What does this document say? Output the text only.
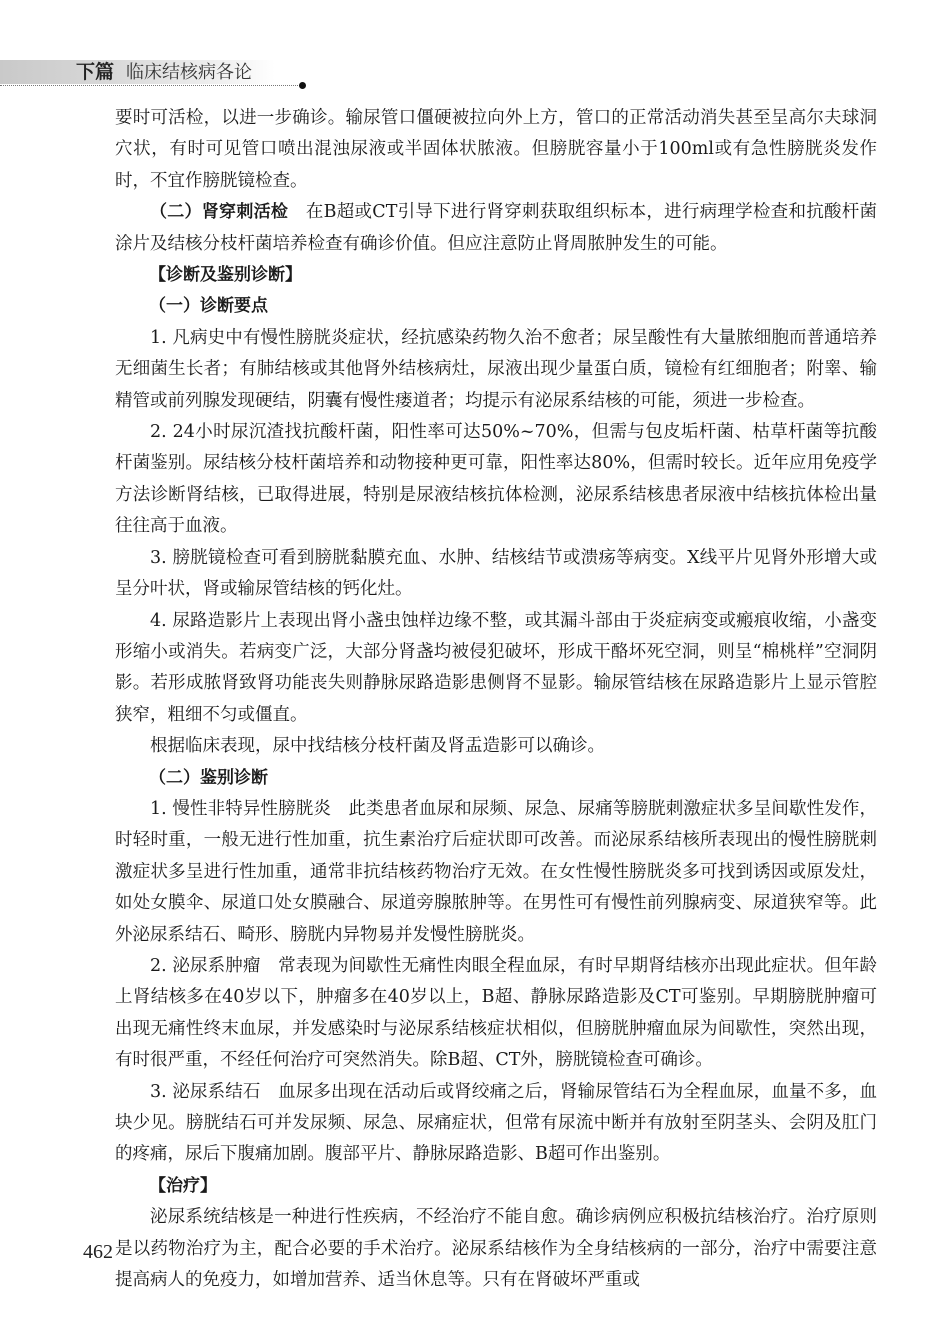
下篇 临床结核病各论

要时可活检，以进一步确诊。输尿管口僵硬被拉向外上方，管口的正常活动消失甚至呈高尔夫球洞穴状，有时可见管口喷出混浊尿液或半固体状脓液。但膀胱容量小于100ml或有急性膀胱炎发作时，不宜作膀胱镜检查。

（二）肾穿刺活检　在B超或CT引导下进行肾穿刺获取组织标本，进行病理学检查和抗酸杆菌涂片及结核分枝杆菌培养检查有确诊价值。但应注意防止肾周脓肿发生的可能。

【诊断及鉴别诊断】

（一）诊断要点

1. 凡病史中有慢性膀胱炎症状，经抗感染药物久治不愈者；尿呈酸性有大量脓细胞而普通培养无细菌生长者；有肺结核或其他肾外结核病灶，尿液出现少量蛋白质，镜检有红细胞者；附睾、输精管或前列腺发现硬结，阴囊有慢性瘘道者；均提示有泌尿系结核的可能，须进一步检查。

2. 24小时尿沉渣找抗酸杆菌，阳性率可达50%~70%，但需与包皮垢杆菌、枯草杆菌等抗酸杆菌鉴别。尿结核分枝杆菌培养和动物接种更可靠，阳性率达80%，但需时较长。近年应用免疫学方法诊断肾结核，已取得进展，特别是尿液结核抗体检测，泌尿系结核患者尿液中结核抗体检出量往往高于血液。

3. 膀胱镜检查可看到膀胱黏膜充血、水肿、结核结节或溃疡等病变。X线平片见肾外形增大或呈分叶状，肾或输尿管结核的钙化灶。

4. 尿路造影片上表现出肾小盏虫蚀样边缘不整，或其漏斗部由于炎症病变或瘢痕收缩，小盏变形缩小或消失。若病变广泛，大部分肾盏均被侵犯破坏，形成干酪坏死空洞，则呈“棉桃样”空洞阴影。若形成脓肾致肾功能丧失则静脉尿路造影患侧肾不显影。输尿管结核在尿路造影片上显示管腔狭窄，粗细不匀或僵直。

根据临床表现，尿中找结核分枝杆菌及肾盂造影可以确诊。

（二）鉴别诊断

1. 慢性非特异性膀胱炎　此类患者血尿和尿频、尿急、尿痛等膀胱刺激症状多呈间歇性发作，时轻时重，一般无进行性加重，抗生素治疗后症状即可改善。而泌尿系结核所表现出的慢性膀胱刺激症状多呈进行性加重，通常非抗结核药物治疗无效。在女性慢性膀胱炎多可找到诱因或原发灶，如处女膜伞、尿道口处女膜融合、尿道旁腺脓肿等。在男性可有慢性前列腺病变、尿道狭窄等。此外泌尿系结石、畸形、膀胱内异物易并发慢性膀胱炎。

2. 泌尿系肿瘤　常表现为间歇性无痛性肉眼全程血尿，有时早期肾结核亦出现此症状。但年龄上肾结核多在40岁以下，肿瘤多在40岁以上，B超、静脉尿路造影及CT可鉴别。早期膀胱肿瘤可出现无痛性终末血尿，并发感染时与泌尿系结核症状相似，但膀胱肿瘤血尿为间歇性，突然出现，有时很严重，不经任何治疗可突然消失。除B超、CT外，膀胱镜检查可确诊。

3. 泌尿系结石　血尿多出现在活动后或肾绞痛之后，肾输尿管结石为全程血尿，血量不多，血块少见。膀胱结石可并发尿频、尿急、尿痛症状，但常有尿流中断并有放射至阴茎头、会阴及肛门的疼痛，尿后下腹痛加剧。腹部平片、静脉尿路造影、B超可作出鉴别。

【治疗】

泌尿系统结核是一种进行性疾病，不经治疗不能自愈。确诊病例应积极抗结核治疗。治疗原则是以药物治疗为主，配合必要的手术治疗。泌尿系结核作为全身结核病的一部分，治疗中需要注意提高病人的免疫力，如增加营养、适当休息等。只有在肾破坏严重或

462
